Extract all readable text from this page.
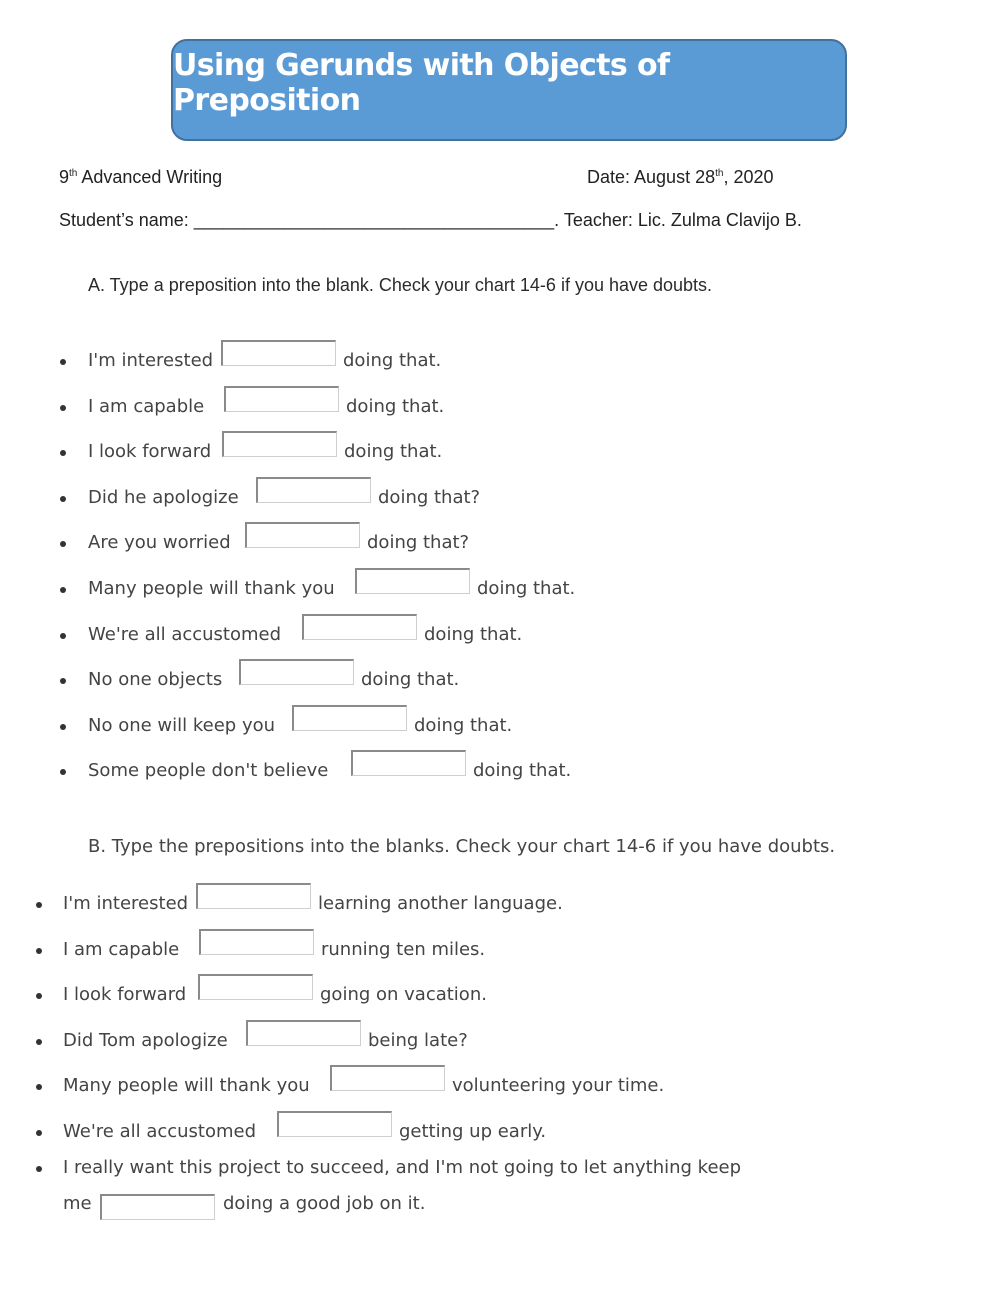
Using Gerunds with Objects of Preposition
9th Advanced Writing	Date: August 28th, 2020
Student’s name: ____________________________________. Teacher: Lic. Zulma Clavijo B.
A. Type a preposition into the blank. Check your chart 14-6 if you have doubts.
I'm interested	doing that.
I am capable	doing that.
I look forward	doing that.
Did he apologize	doing that?
Are you worried	doing that?
Many people will thank you	doing that.
We're all accustomed	doing that.
No one objects	doing that.
No one will keep you	doing that.
Some people don't believe	doing that.
B. Type the prepositions into the blanks. Check your chart 14-6 if you have doubts.
I'm interested	learning another language.
I am capable	running ten miles.
I look forward	going on vacation.
Did Tom apologize	being late?
Many people will thank you	volunteering your time.
We're all accustomed	getting up early.
I really want this project to succeed, and I'm not going to let anything keep
me	doing a good job on it.
